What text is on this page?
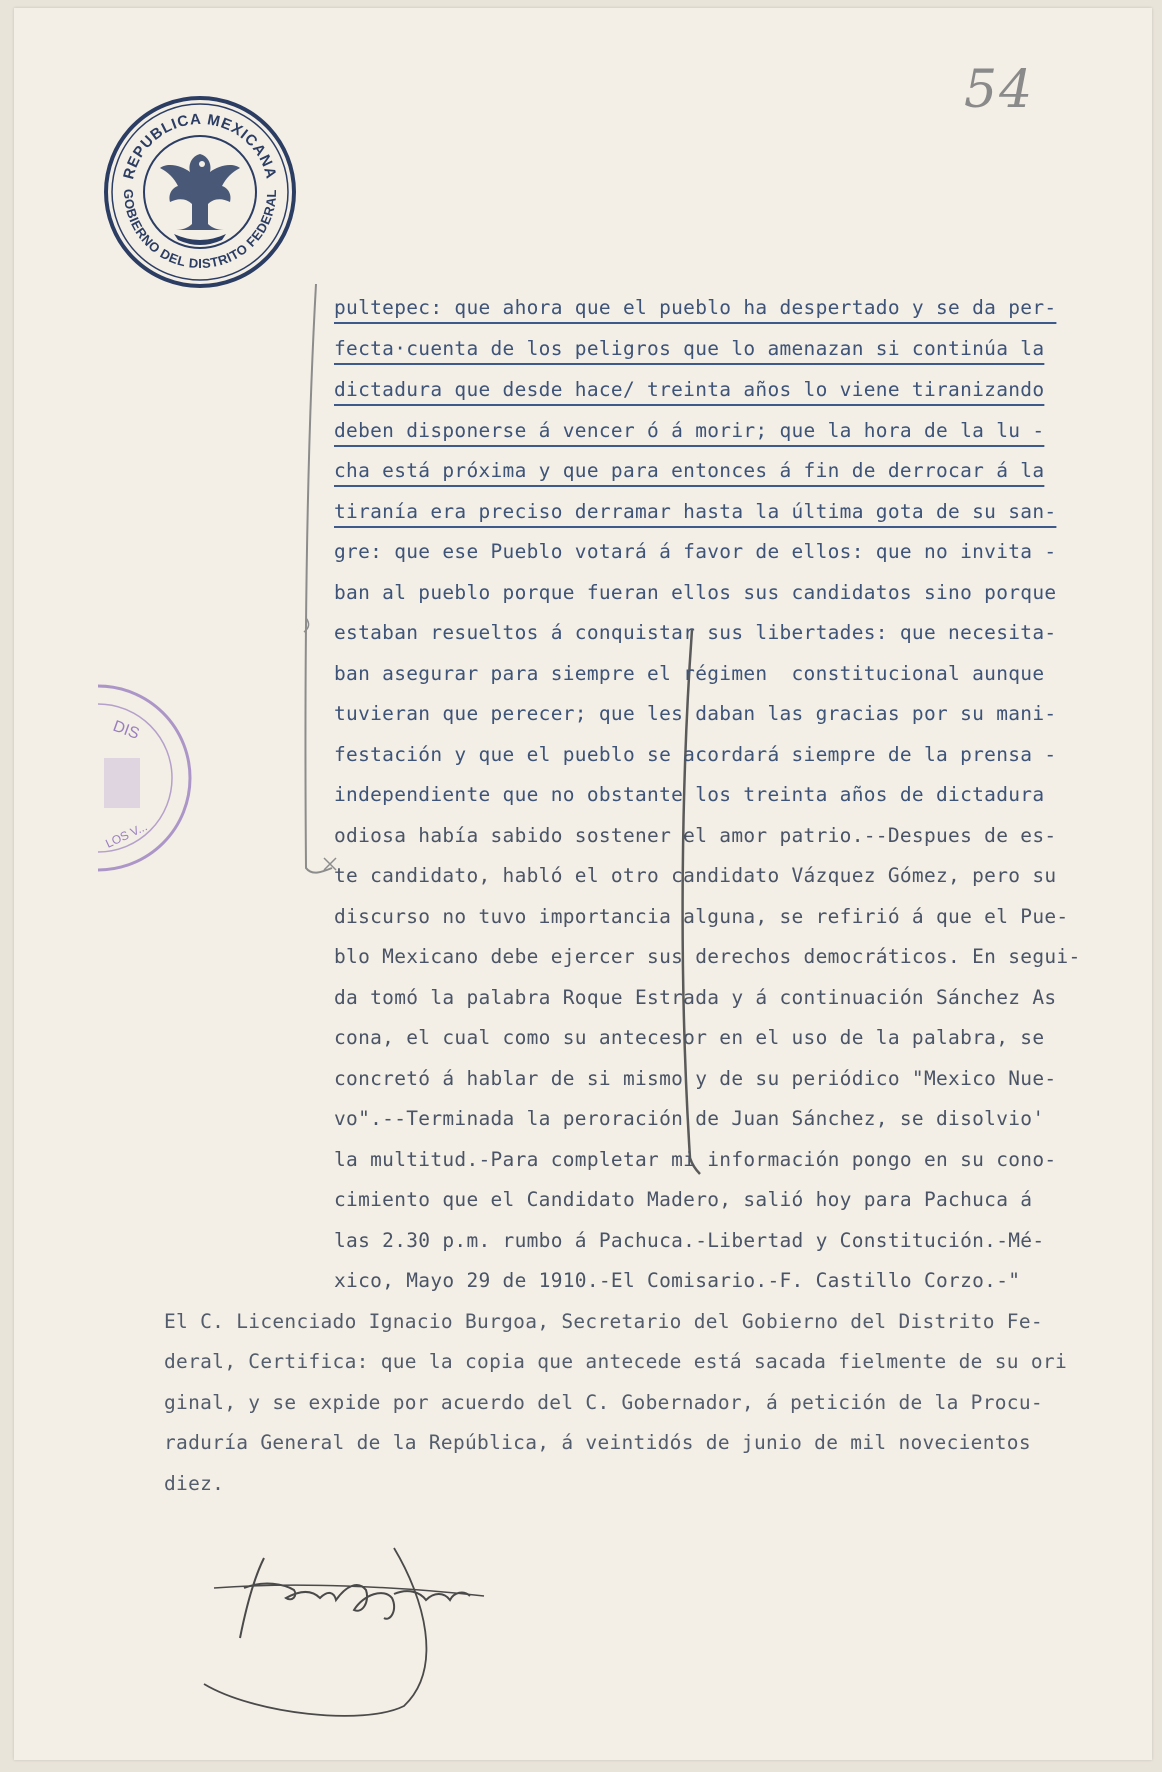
54
REPUBLICA MEXICANA
GOBIERNO DEL DISTRITO FEDERAL
DIS
LOS V...
pultepec: que ahora que el pueblo ha despertado y se da per-
fecta·cuenta de los peligros que lo amenazan si continúa la
dictadura que desde hace/ treinta años lo viene tiranizando
deben disponerse á vencer ó á morir; que la hora de la lu -
cha está próxima y que para entonces á fin de derrocar á la
tiranía era preciso derramar hasta la última gota de su san-
gre: que ese Pueblo votará á favor de ellos: que no invita -
ban al pueblo porque fueran ellos sus candidatos sino porque
estaban resueltos á conquistar sus libertades: que necesita-
ban asegurar para siempre el régimen  constitucional aunque
tuvieran que perecer; que les daban las gracias por su mani-
festación y que el pueblo se acordará siempre de la prensa -
independiente que no obstante los treinta años de dictadura
odiosa había sabido sostener el amor patrio.--Despues de es-
te candidato, habló el otro candidato Vázquez Gómez, pero su
discurso no tuvo importancia alguna, se refirió á que el Pue-
blo Mexicano debe ejercer sus derechos democráticos. En segui-
da tomó la palabra Roque Estrada y á continuación Sánchez As
cona, el cual como su antecesor en el uso de la palabra, se
concretó á hablar de si mismo y de su periódico "Mexico Nue-
vo".--Terminada la peroración de Juan Sánchez, se disolvio'
la multitud.-Para completar mi información pongo en su cono-
cimiento que el Candidato Madero, salió hoy para Pachuca á
las 2.30 p.m. rumbo á Pachuca.-Libertad y Constitución.-Mé-
xico, Mayo 29 de 1910.-El Comisario.-F. Castillo Corzo.-"
El C. Licenciado Ignacio Burgoa, Secretario del Gobierno del Distrito Fe-
deral, Certifica: que la copia que antecede está sacada fielmente de su ori
ginal, y se expide por acuerdo del C. Gobernador, á petición de la Procu-
raduría General de la República, á veintidós de junio de mil novecientos
diez.
